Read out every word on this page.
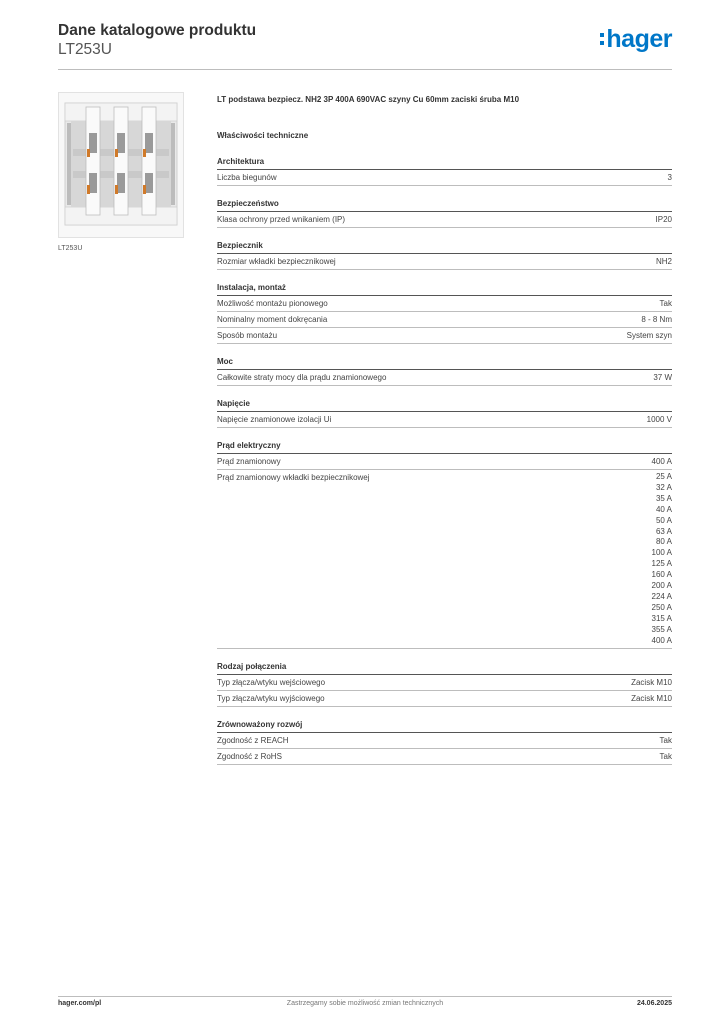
Dane katalogowe produktu
LT253U	hager
LT253U
LT podstawa bezpiecz. NH2 3P 400A 690VAC szyny Cu 60mm zaciski śruba M10
Właściwości techniczne
Architektura
Liczba biegunów	3
Bezpieczeństwo
Klasa ochrony przed wnikaniem (IP)	IP20
Bezpiecznik
Rozmiar wkładki bezpiecznikowej	NH2
Instalacja, montaż
Możliwość montażu pionowego	Tak
Nominalny moment dokręcania	8 - 8 Nm
Sposób montażu	System szyn
Moc
Całkowite straty mocy dla prądu znamionowego	37 W
Napięcie
Napięcie znamionowe izolacji Ui	1000 V
Prąd elektryczny
Prąd znamionowy	400 A
Prąd znamionowy wkładki bezpiecznikowej	25 A
32 A
35 A
40 A
50 A
63 A
80 A
100 A
125 A
160 A
200 A
224 A
250 A
315 A
355 A
400 A
Rodzaj połączenia
Typ złącza/wtyku wejściowego	Zacisk M10
Typ złącza/wtyku wyjściowego	Zacisk M10
Zrównoważony rozwój
Zgodność z REACH	Tak
Zgodność z RoHS	Tak
hager.com/pl	Zastrzegamy sobie możliwość zmian technicznych	24.06.2025
